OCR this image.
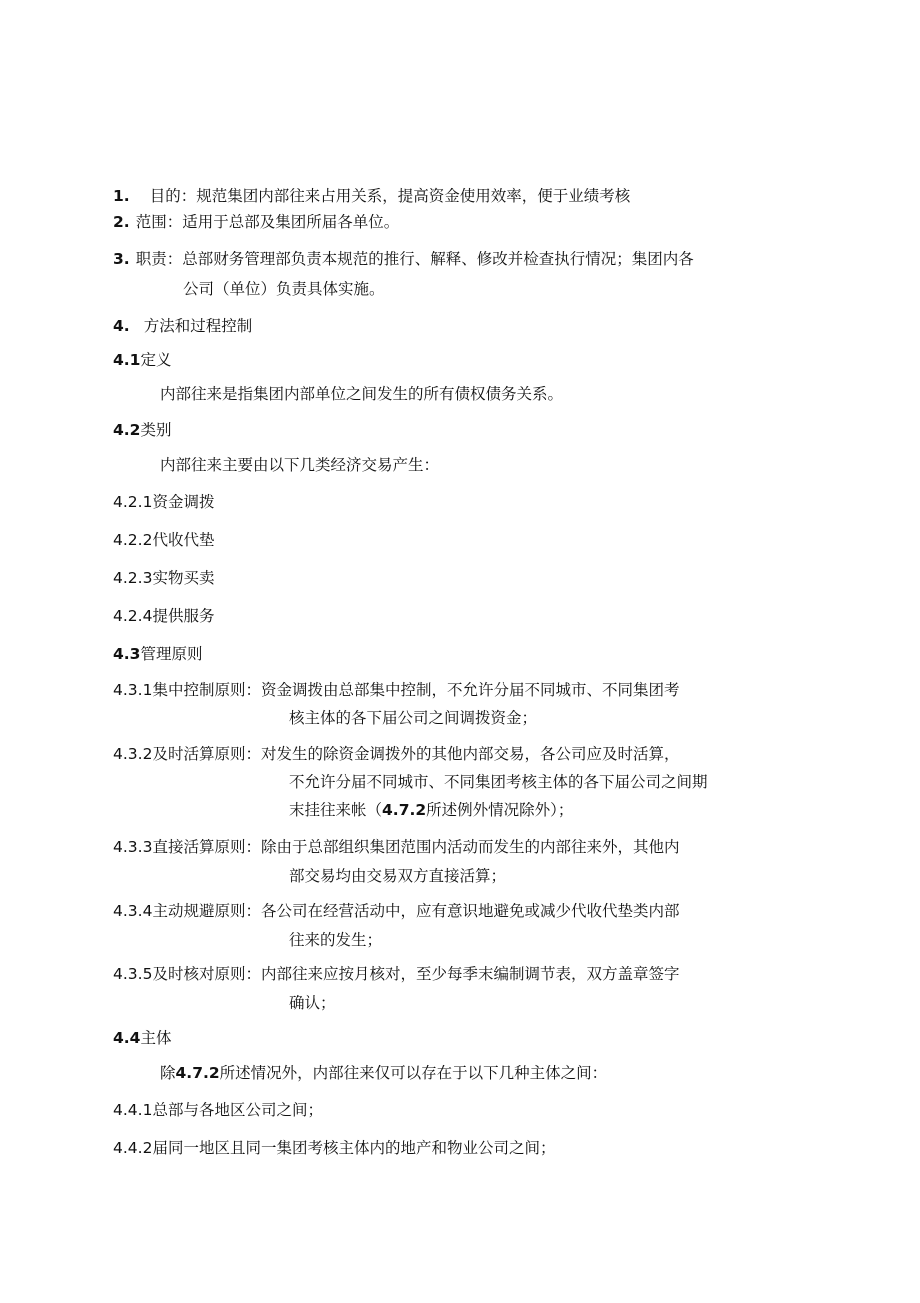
1. 目的：规范集团内部往来占用关系，提高资金使用效率，便于业绩考核
2. 范围：适用于总部及集团所届各单位。
3. 职责：总部财务管理部负责本规范的推行、解释、修改并检查执行情况；集团内各
公司（单位）负责具体实施。
4. 方法和过程控制
4.1定义
内部往来是指集团内部单位之间发生的所有债权债务关系。
4.2类别
内部往来主要由以下几类经济交易产生：
4.2.1资金调拨
4.2.2代收代垫
4.2.3实物买卖
4.2.4提供服务
4.3管理原则
4.3.1集中控制原则：资金调拨由总部集中控制，不允许分届不同城市、不同集团考
核主体的各下届公司之间调拨资金；
4.3.2及时活算原则：对发生的除资金调拨外的其他内部交易，各公司应及时活算，
不允许分届不同城市、不同集团考核主体的各下届公司之间期
末挂往来帐（4.7.2所述例外情况除外）；
4.3.3直接活算原则：除由于总部组织集团范围内活动而发生的内部往来外，其他内
部交易均由交易双方直接活算；
4.3.4主动规避原则：各公司在经营活动中，应有意识地避免或减少代收代垫类内部
往来的发生；
4.3.5及时核对原则：内部往来应按月核对，至少每季末编制调节表，双方盖章签字
确认；
4.4主体
除4.7.2所述情况外，内部往来仅可以存在于以下几种主体之间：
4.4.1总部与各地区公司之间；
4.4.2届同一地区且同一集团考核主体内的地产和物业公司之间；
